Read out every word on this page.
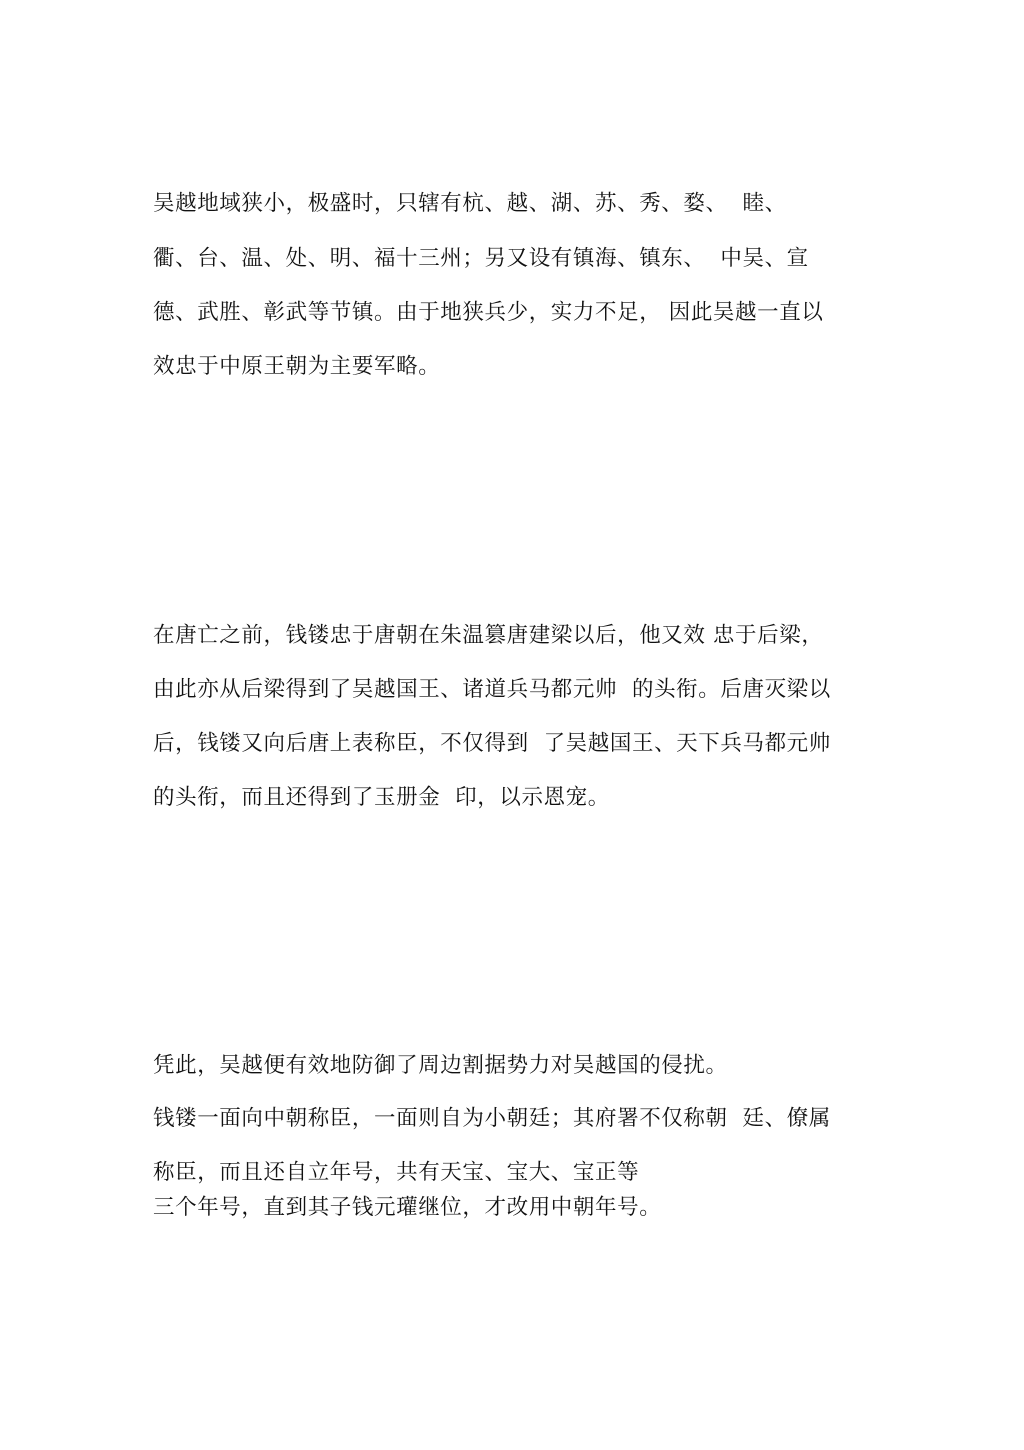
吴越地域狭小，极盛时，只辖有杭、越、湖、苏、秀、婺、  睦、
衢、台、温、处、明、福十三州；另又设有镇海、镇东、  中吴、宣
德、武胜、彰武等节镇。由于地狭兵少，实力不足， 因此吴越一直以
效忠于中原王朝为主要军略。
在唐亡之前，钱镂忠于唐朝在朱温篡唐建梁以后，他又效 忠于后梁，
由此亦从后梁得到了吴越国王、诸道兵马都元帅  的头衔。后唐灭梁以
后，钱镂又向后唐上表称臣，不仅得到  了吴越国王、天下兵马都元帅
的头衔，而且还得到了玉册金  印，以示恩宠。
凭此，吴越便有效地防御了周边割据势力对吴越国的侵扰。
钱镂一面向中朝称臣，一面则自为小朝廷；其府署不仅称朝  廷、僚属
称臣，而且还自立年号，共有天宝、宝大、宝正等
三个年号，直到其子钱元瓘继位，才改用中朝年号。
